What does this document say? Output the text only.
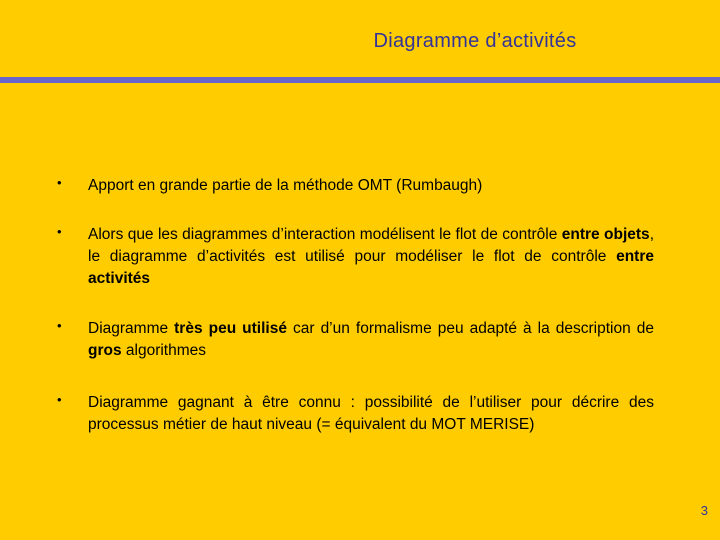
Diagramme d’activités
• Apport en grande partie de la méthode OMT (Rumbaugh)
• Alors que les diagrammes d’interaction modélisent le flot de contrôle entre objets, le diagramme d’activités est utilisé pour modéliser le flot de contrôle entre activités
• Diagramme très peu utilisé car d’un formalisme peu adapté à la description de gros algorithmes
• Diagramme gagnant à être connu : possibilité de l’utiliser pour décrire des processus métier de haut niveau (= équivalent du MOT MERISE)
3
